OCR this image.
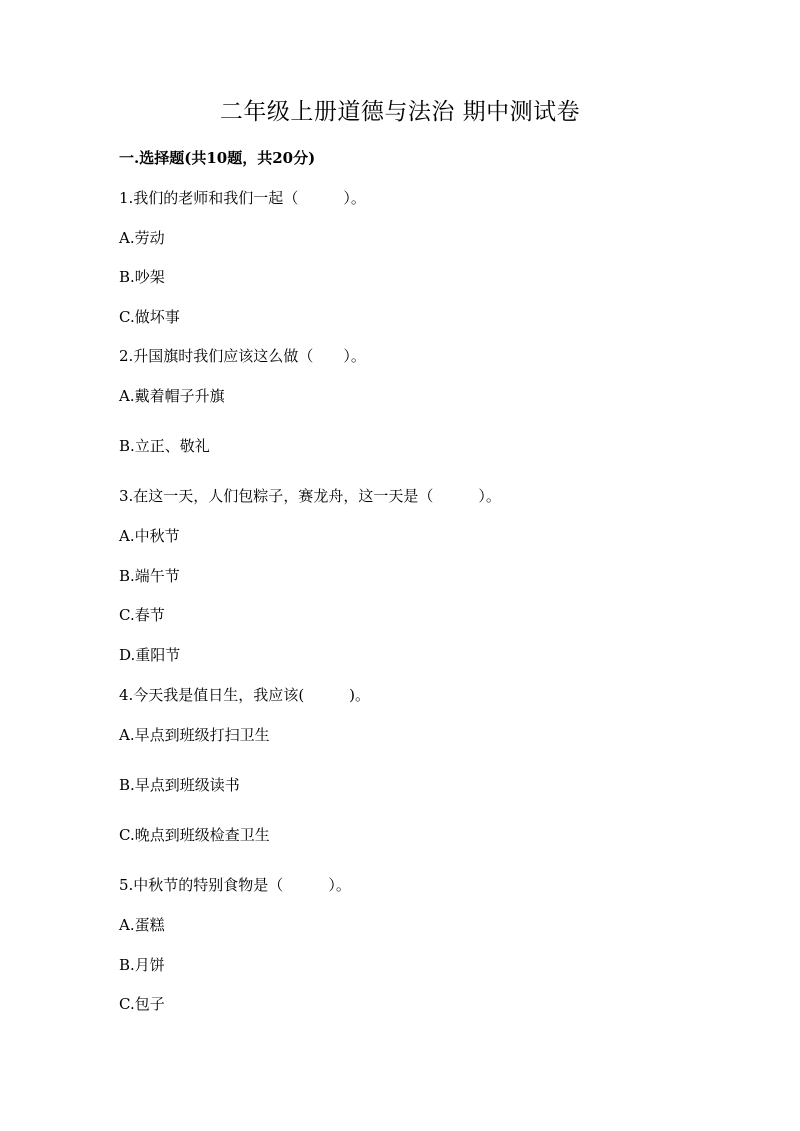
二年级上册道德与法治 期中测试卷
一.选择题(共10题，共20分)
1.我们的老师和我们一起（　　　）。
A.劳动
B.吵架
C.做坏事
2.升国旗时我们应该这么做（　　）。
A.戴着帽子升旗
B.立正、敬礼
3.在这一天，人们包粽子，赛龙舟，这一天是（　　　）。
A.中秋节
B.端午节
C.春节
D.重阳节
4.今天我是值日生，我应该(　　　)。
A.早点到班级打扫卫生
B.早点到班级读书
C.晚点到班级检查卫生
5.中秋节的特别食物是（　　　）。
A.蛋糕
B.月饼
C.包子
